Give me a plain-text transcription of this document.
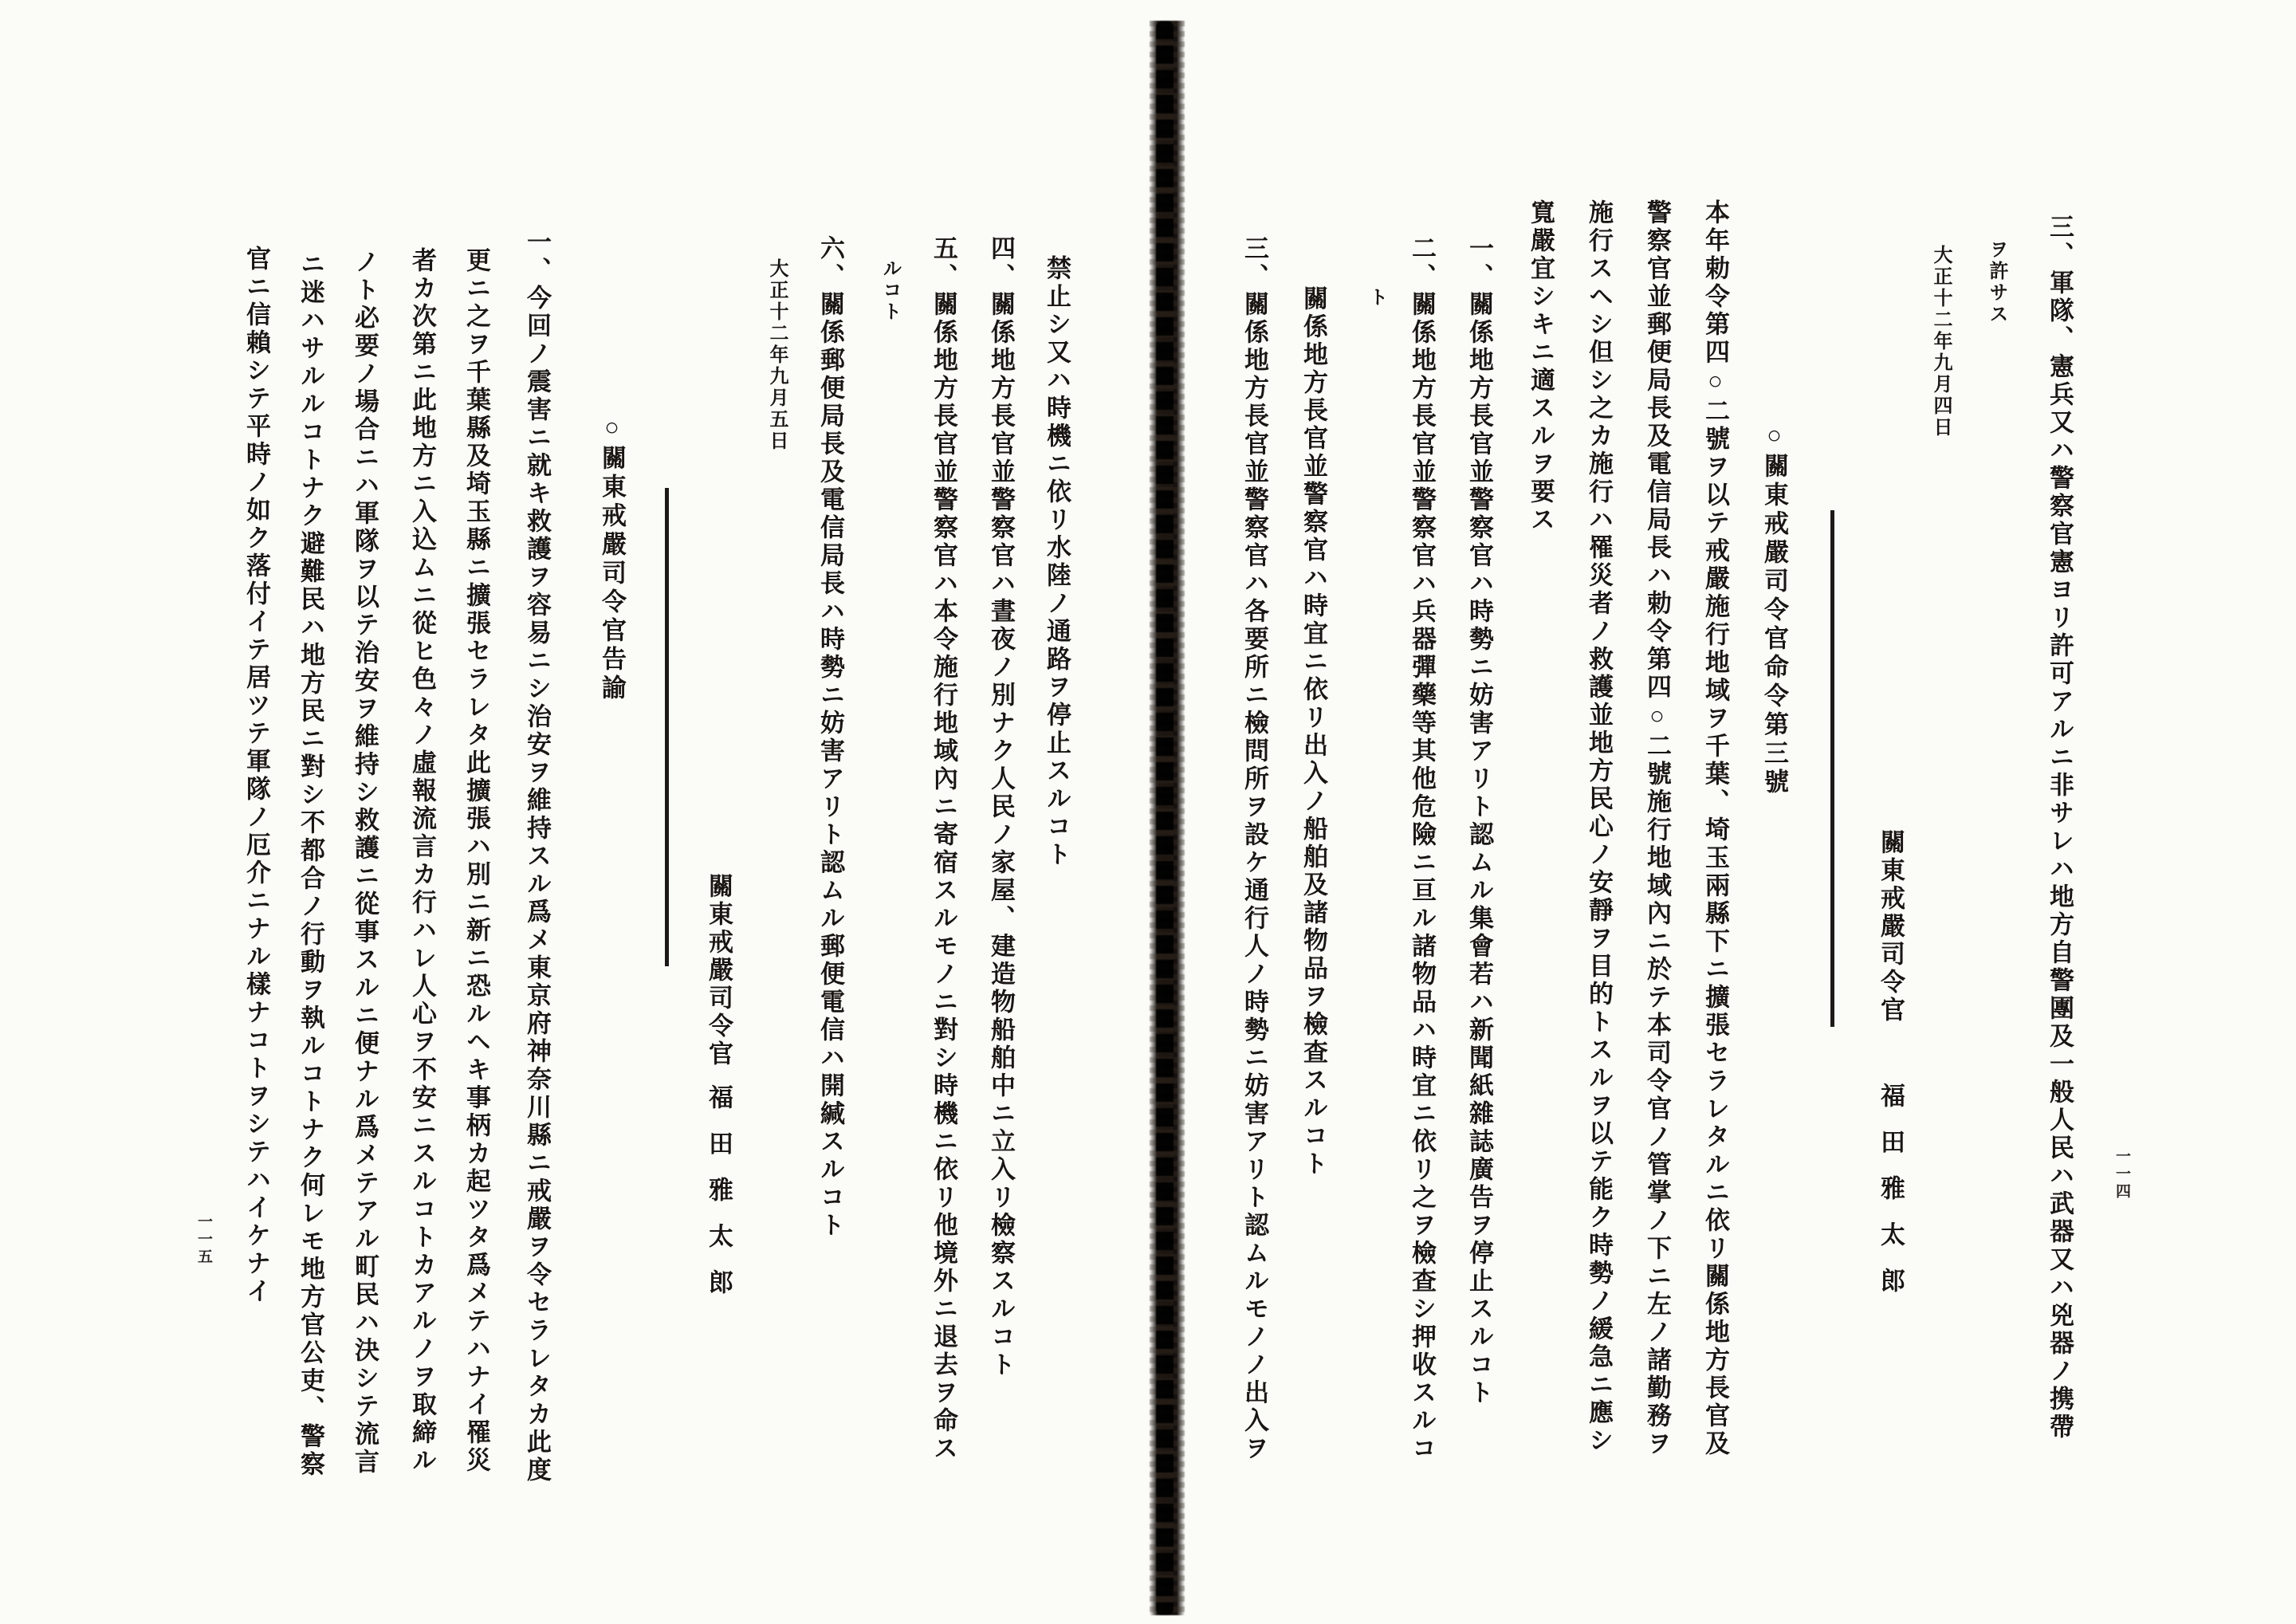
三、軍隊、憲兵又ハ警察官憲ヨリ許可アルニ非サレハ地方自警團及一般人民ハ武器又ハ兇器ノ携帶
ヲ許サス
大正十二年九月四日
關東戒嚴司令官
福田雅太郎
○關東戒嚴司令官命令第三號
本年勅令第四○二號ヲ以テ戒嚴施行地域ヲ千葉、埼玉兩縣下ニ擴張セラレタルニ依リ關係地方長官及
警察官並郵便局長及電信局長ハ勅令第四○二號施行地域內ニ於テ本司令官ノ管掌ノ下ニ左ノ諸勤務ヲ
施行スヘシ但シ之カ施行ハ罹災者ノ救護並地方民心ノ安靜ヲ目的トスルヲ以テ能ク時勢ノ緩急ニ應シ
寬嚴宜シキニ適スルヲ要ス
一、關係地方長官並警察官ハ時勢ニ妨害アリト認ムル集會若ハ新聞紙雜誌廣告ヲ停止スルコト
二、關係地方長官並警察官ハ兵器彈藥等其他危險ニ亘ル諸物品ハ時宜ニ依リ之ヲ檢查シ押收スルコ
ト
關係地方長官並警察官ハ時宜ニ依リ出入ノ船舶及諸物品ヲ檢查スルコト
三、關係地方長官並警察官ハ各要所ニ檢問所ヲ設ケ通行人ノ時勢ニ妨害アリト認ムルモノノ出入ヲ	一一四
禁止シ又ハ時機ニ依リ水陸ノ通路ヲ停止スルコト
四、關係地方長官並警察官ハ晝夜ノ別ナク人民ノ家屋、建造物船舶中ニ立入リ檢察スルコト
五、關係地方長官並警察官ハ本令施行地域內ニ寄宿スルモノニ對シ時機ニ依リ他境外ニ退去ヲ命ス
ルコト
六、關係郵便局長及電信局長ハ時勢ニ妨害アリト認ムル郵便電信ハ開緘スルコト
大正十二年九月五日
關東戒嚴司令官
福田雅太郎
○關東戒嚴司令官告諭
一、今回ノ震害ニ就キ救護ヲ容易ニシ治安ヲ維持スル爲メ東京府神奈川縣ニ戒嚴ヲ令セラレタカ此度
更ニ之ヲ千葉縣及埼玉縣ニ擴張セラレタ此擴張ハ別ニ新ニ恐ルヘキ事柄カ起ツタ爲メテハナイ罹災
者カ次第ニ此地方ニ入込ムニ從ヒ色々ノ虛報流言カ行ハレ人心ヲ不安ニスルコトカアルノヲ取締ル
ノト必要ノ場合ニハ軍隊ヲ以テ治安ヲ維持シ救護ニ從事スルニ便ナル爲メテアル町民ハ決シテ流言
ニ迷ハサルルコトナク避難民ハ地方民ニ對シ不都合ノ行動ヲ執ルコトナク何レモ地方官公吏、警察
官ニ信賴シテ平時ノ如ク落付イテ居ツテ軍隊ノ厄介ニナル樣ナコトヲシテハイケナイ
一一五
